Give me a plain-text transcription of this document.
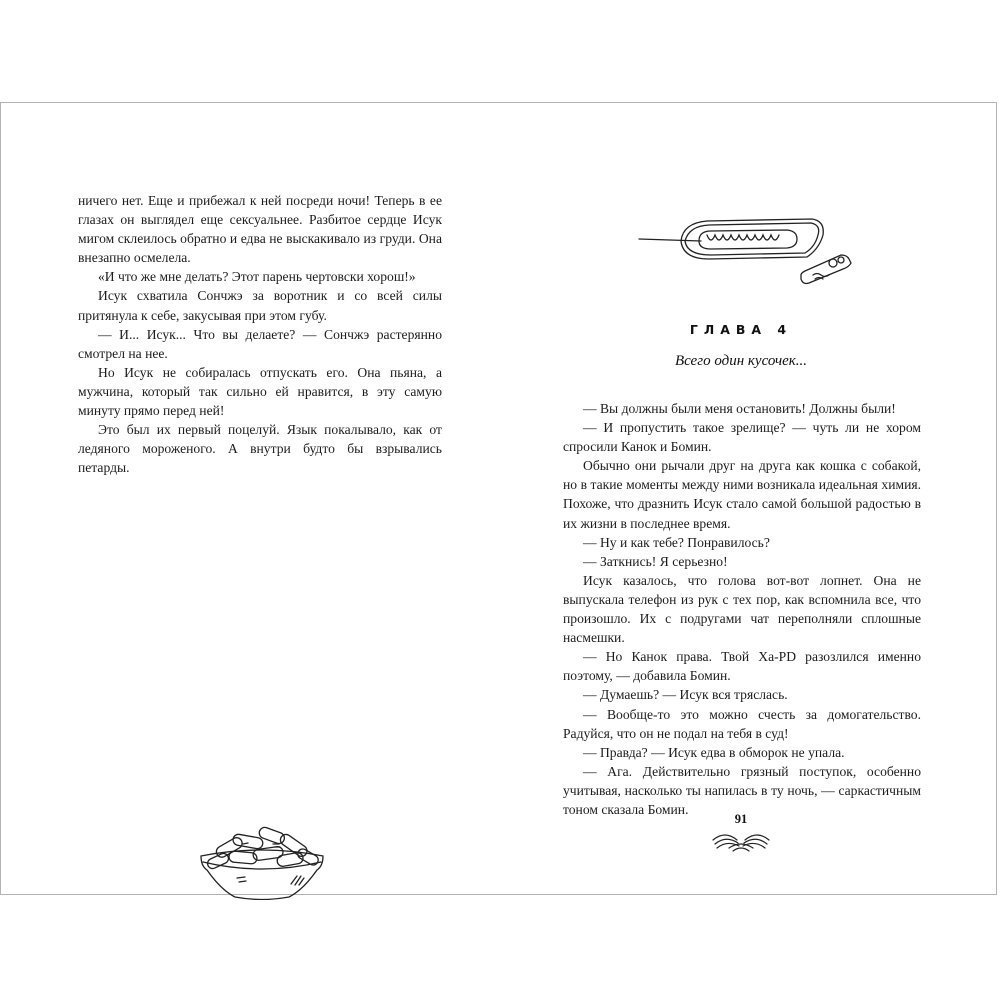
ничего нет. Еще и прибежал к ней посреди ночи! Теперь в ее глазах он выглядел еще сексуальнее. Разбитое сердце Исук мигом склеилось обратно и едва не выскакивало из груди. Она внезапно осмелела.

«И что же мне делать? Этот парень чертовски хорош!»

Исук схватила Сончжэ за воротник и со всей силы притянула к себе, закусывая при этом губу.

— И... Исук... Что вы делаете? — Сончжэ растерянно смотрел на нее.

Но Исук не собиралась отпускать его. Она пьяна, а мужчина, который так сильно ей нравится, в эту самую минуту прямо перед ней!

Это был их первый поцелуй. Язык покалывало, как от ледяного мороженого. А внутри будто бы взрывались петарды.

ГЛАВА 4
Всего один кусочек...

— Вы должны были меня остановить! Должны были!

— И пропустить такое зрелище? — чуть ли не хором спросили Канок и Бомин.

Обычно они рычали друг на друга как кошка с собакой, но в такие моменты между ними возникала идеальная химия. Похоже, что дразнить Исук стало самой большой радостью в их жизни в последнее время.

— Ну и как тебе? Понравилось?

— Заткнись! Я серьезно!

Исук казалось, что голова вот-вот лопнет. Она не выпускала телефон из рук с тех пор, как вспомнила все, что произошло. Их с подругами чат переполняли сплошные насмешки.

— Но Канок права. Твой Ха-PD разозлился именно поэтому, — добавила Бомин.

— Думаешь? — Исук вся тряслась.

— Вообще-то это можно счесть за домогательство. Радуйся, что он не подал на тебя в суд!

— Правда? — Исук едва в обморок не упала.

— Ага. Действительно грязный поступок, особенно учитывая, насколько ты напилась в ту ночь, — саркастичным тоном сказала Бомин.

91
